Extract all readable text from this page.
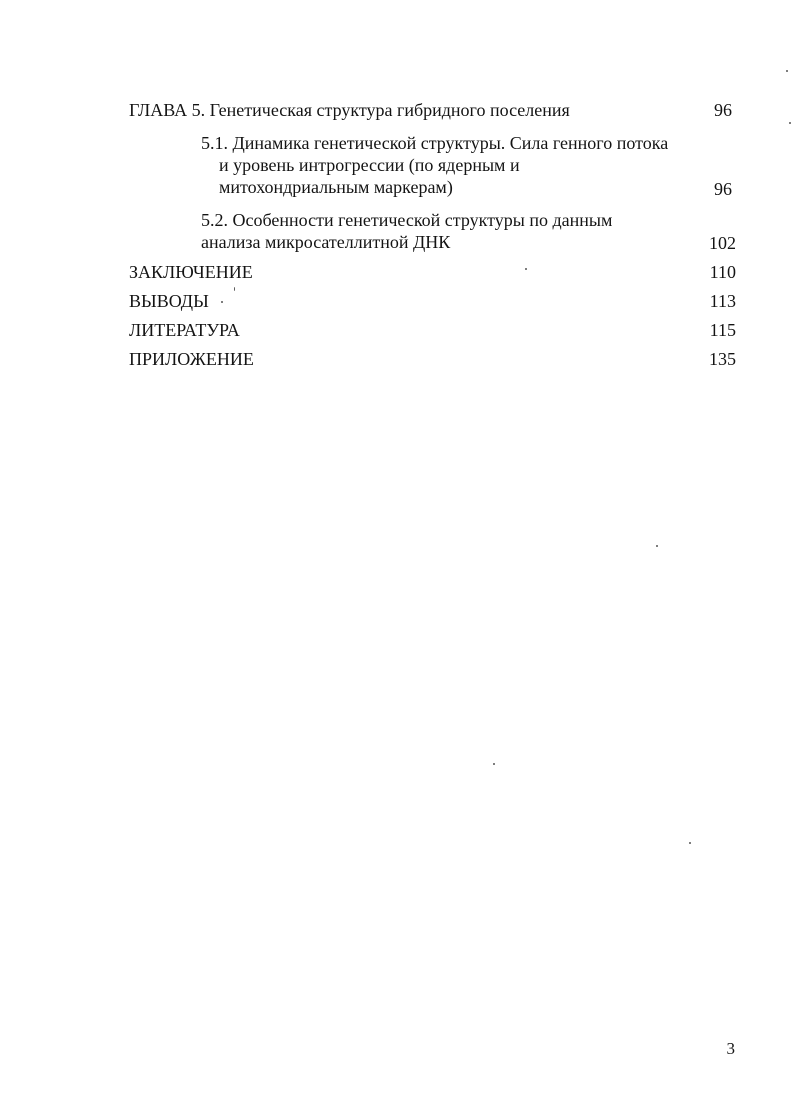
ГЛАВА 5. Генетическая структура гибридного поселения	96
5.1. Динамика генетической структуры. Сила генного потока
и уровень интрогрессии (по ядерным и
митохондриальным маркерам)	96
5.2. Особенности генетической структуры по данным
анализа микросателлитной ДНК	102
ЗАКЛЮЧЕНИЕ	110
ВЫВОДЫ	113
ЛИТЕРАТУРА	115
ПРИЛОЖЕНИЕ	135
3
